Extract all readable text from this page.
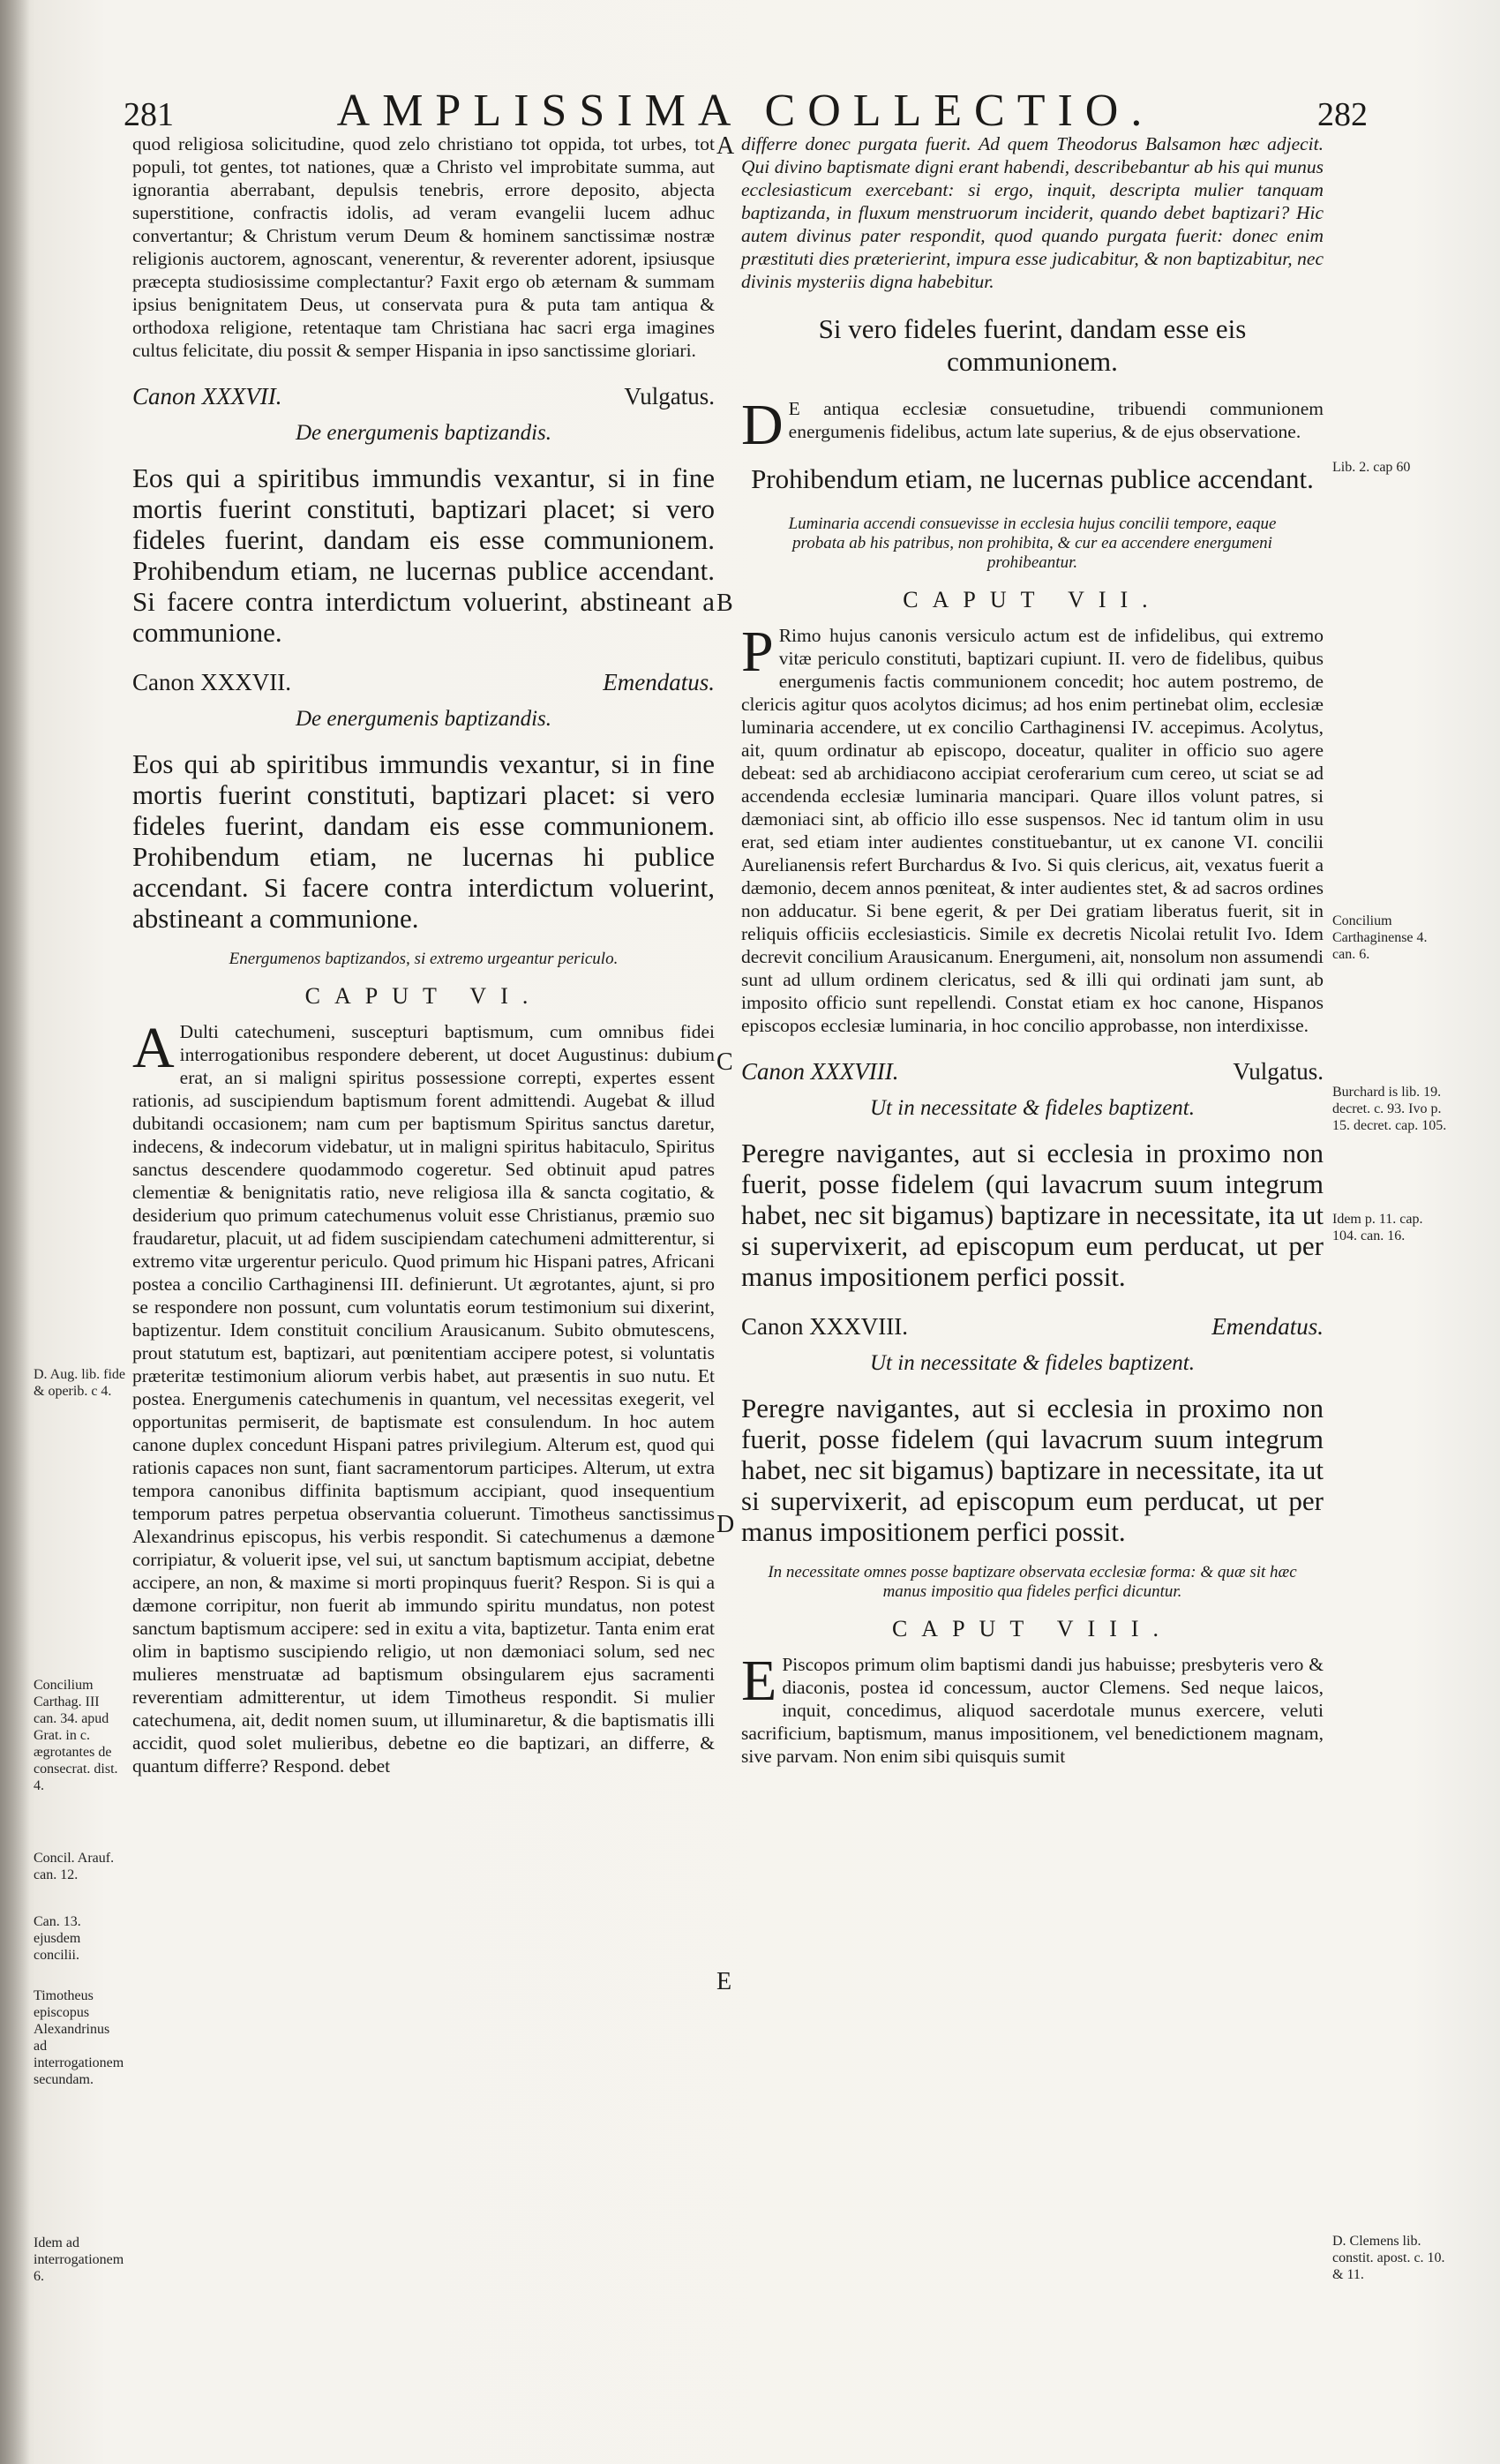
281	AMPLISSIMA COLLECTIO.	282

quod religiosa solicitudine, quod zelo christiano tot oppida, tot urbes, tot populi, tot gentes, tot nationes, quæ a Christo vel improbitate summa, aut ignorantia aberrabant, depulsis tenebris, errore deposito, abjecta superstitione, confractis idolis, ad veram evangelii lucem adhuc convertantur; & Christum verum Deum & hominem sanctissimæ nostræ religionis auctorem, agnoscant, venerentur, & reverenter adorent, ipsiusque præcepta studiosissime complectantur? Faxit ergo ob æternam & summam ipsius benignitatem Deus, ut conservata pura & puta tam antiqua & orthodoxa religione, retentaque tam Christiana hac sacri erga imagines cultus felicitate, diu possit & semper Hispania in ipso sanctissime gloriari.

Canon XXXVII.	Vulgatus.
De energumenis baptizandis.

Eos qui a spiritibus immundis vexantur, si in fine mortis fuerint constituti, baptizari placet; si vero fideles fuerint, dandam eis esse communionem. Prohibendum etiam, ne lucernas publice accendant. Si facere contra interdictum voluerint, abstineant a communione.

Canon XXXVII.	Emendatus.
De energumenis baptizandis.

Eos qui ab spiritibus immundis vexantur, si in fine mortis fuerint constituti, baptizari placet: si vero fideles fuerint, dandam eis esse communionem. Prohibendum etiam, ne lucernas hi publice accendant. Si facere contra interdictum voluerint, abstineant a communione.

Energumenos baptizandos, si extremo urgeantur periculo.
CAPUT VI.

A Dulti catechumeni, suscepturi baptismum, cum omnibus fidei interrogationibus respondere deberent, ut docet Augustinus: dubium erat, an si maligni spiritus possessione correpti, expertes essent rationis, ad suscipiendum baptismum forent admittendi. Augebat & illud dubitandi occasionem; nam cum per baptismum Spiritus sanctus daretur, indecens, & indecorum videbatur, ut in maligni spiritus habitaculo, Spiritus sanctus descendere quodammodo cogeretur. Sed obtinuit apud patres clementiæ & benignitatis ratio, neve religiosa illa & sancta cogitatio, & desiderium quo primum catechumenus voluit esse Christianus, præmio suo fraudaretur, placuit, ut ad fidem suscipiendam catechumeni admitterentur, si extremo vitæ urgerentur periculo. Quod primum hic Hispani patres, Africani postea a concilio Carthaginensi III. definierunt. Ut ægrotantes, ajunt, si pro se respondere non possunt, cum voluntatis eorum testimonium sui dixerint, baptizentur. Idem constituit concilium Arausicanum. Subito obmutescens, prout statutum est, baptizari, aut pœnitentiam accipere potest, si voluntatis præteritæ testimonium aliorum verbis habet, aut præsentis in suo nutu. Et postea. Energumenis catechumenis in quantum, vel necessitas exegerit, vel opportunitas permiserit, de baptismate est consulendum. In hoc autem canone duplex concedunt Hispani patres privilegium. Alterum est, quod qui rationis capaces non sunt, fiant sacramentorum participes. Alterum, ut extra tempora canonibus diffinita baptismum accipiant, quod insequentium temporum patres perpetua observantia coluerunt. Timotheus sanctissimus Alexandrinus episcopus, his verbis respondit. Si catechumenus a dæmone corripiatur, & voluerit ipse, vel sui, ut sanctum baptismum accipiat, debetne accipere, an non, & maxime si morti propinquus fuerit? Respon. Si is qui a dæmone corripitur, non fuerit ab immundo spiritu mundatus, non potest sanctum baptismum accipere: sed in exitu a vita, baptizetur. Tanta enim erat olim in baptismo suscipiendo religio, ut non dæmoniaci solum, sed nec mulieres menstruatæ ad baptismum obsingularem ejus sacramenti reverentiam admitterentur, ut idem Timotheus respondit. Si mulier catechumena, ait, dedit nomen suum, ut illuminaretur, & die baptismatis illi accidit, quod solet mulieribus, debetne eo die baptizari, an differre, & quantum differre? Respond. debet

differre donec purgata fuerit. Ad quem Theodorus Balsamon hæc adjecit. Qui divino baptismate digni erant habendi, describebantur ab his qui munus ecclesiasticum exercebant: si ergo, inquit, descripta mulier tanquam baptizanda, in fluxum menstruorum inciderit, quando debet baptizari? Hic autem divinus pater respondit, quod quando purgata fuerit: donec enim præstituti dies præterierint, impura esse judicabitur, & non baptizabitur, nec divinis mysteriis digna habebitur.

Si vero fideles fuerint, dandam esse eis communionem.

D E antiqua ecclesiæ consuetudine, tribuendi communionem energumenis fidelibus, actum late superius, & de ejus observatione.

Prohibendum etiam, ne lucernas publice accendant.
Luminaria accendi consuevisse in ecclesia hujus concilii tempore, eaque probata ab his patribus, non prohibita, & cur ea accendere energumeni prohibeantur.
CAPUT VII.

P Rimo hujus canonis versiculo actum est de infidelibus, qui extremo vitæ periculo constituti, baptizari cupiunt. II. vero de fidelibus, quibus energumenis factis communionem concedit; hoc autem postremo, de clericis agitur quos acolytos dicimus; ad hos enim pertinebat olim, ecclesiæ luminaria accendere, ut ex concilio Carthaginensi IV. accepimus. Acolytus, ait, quum ordinatur ab episcopo, doceatur, qualiter in officio suo agere debeat: sed ab archidiacono accipiat ceroferarium cum cereo, ut sciat se ad accendenda ecclesiæ luminaria mancipari. Quare illos volunt patres, si dæmoniaci sint, ab officio illo esse suspensos. Nec id tantum olim in usu erat, sed etiam inter audientes constituebantur, ut ex canone VI. concilii Aurelianensis refert Burchardus & Ivo. Si quis clericus, ait, vexatus fuerit a dæmonio, decem annos pœniteat, & inter audientes stet, & ad sacros ordines non adducatur. Si bene egerit, & per Dei gratiam liberatus fuerit, sit in reliquis officiis ecclesiasticis. Simile ex decretis Nicolai retulit Ivo. Idem decrevit concilium Arausicanum. Energumeni, ait, nonsolum non assumendi sunt ad ullum ordinem clericatus, sed & illi qui ordinati jam sunt, ab imposito officio sunt repellendi. Constat etiam ex hoc canone, Hispanos episcopos ecclesiæ luminaria, in hoc concilio approbasse, non interdixisse.

Canon XXXVIII.	Vulgatus.
Ut in necessitate & fideles baptizent.

Peregre navigantes, aut si ecclesia in proximo non fuerit, posse fidelem (qui lavacrum suum integrum habet, nec sit bigamus) baptizare in necessitate, ita ut si supervixerit, ad episcopum eum perducat, ut per manus impositionem perfici possit.

Canon XXXVIII.	Emendatus.
Ut in necessitate & fideles baptizent.

Peregre navigantes, aut si ecclesia in proximo non fuerit, posse fidelem (qui lavacrum suum integrum habet, nec sit bigamus) baptizare in necessitate, ita ut si supervixerit, ad episcopum eum perducat, ut per manus impositionem perfici possit.

In necessitate omnes posse baptizare observata ecclesiæ forma: & quæ sit hæc manus impositio qua fideles perfici dicuntur.
CAPUT VIII.

E Piscopos primum olim baptismi dandi jus habuisse; presbyteris vero & diaconis, postea id concessum, auctor Clemens. Sed neque laicos, inquit, concedimus, aliquod sacerdotale munus exercere, veluti sacrificium, baptismum, manus impositionem, vel benedictionem magnam, sive parvam. Non enim sibi quisquis sumit

A
B
C
D
E
D. Aug. lib. fide & operib. c 4.
Concilium Carthag. III can. 34. apud Grat. in c. ægrotantes de consecrat. dist. 4.
Concil. Arauf. can. 12.
Can. 13. ejusdem concilii.
Timotheus episcopus Alexandrinus ad interrogationem secundam.
Idem ad interrogationem 6.
Lib. 2. cap 60
Concilium Carthaginense 4. can. 6.
Burchard is lib. 19. decret. c. 93. Ivo p. 15. decret. cap. 105.
Idem p. 11. cap. 104. can. 16.
D. Clemens lib. constit. apost. c. 10. & 11.
